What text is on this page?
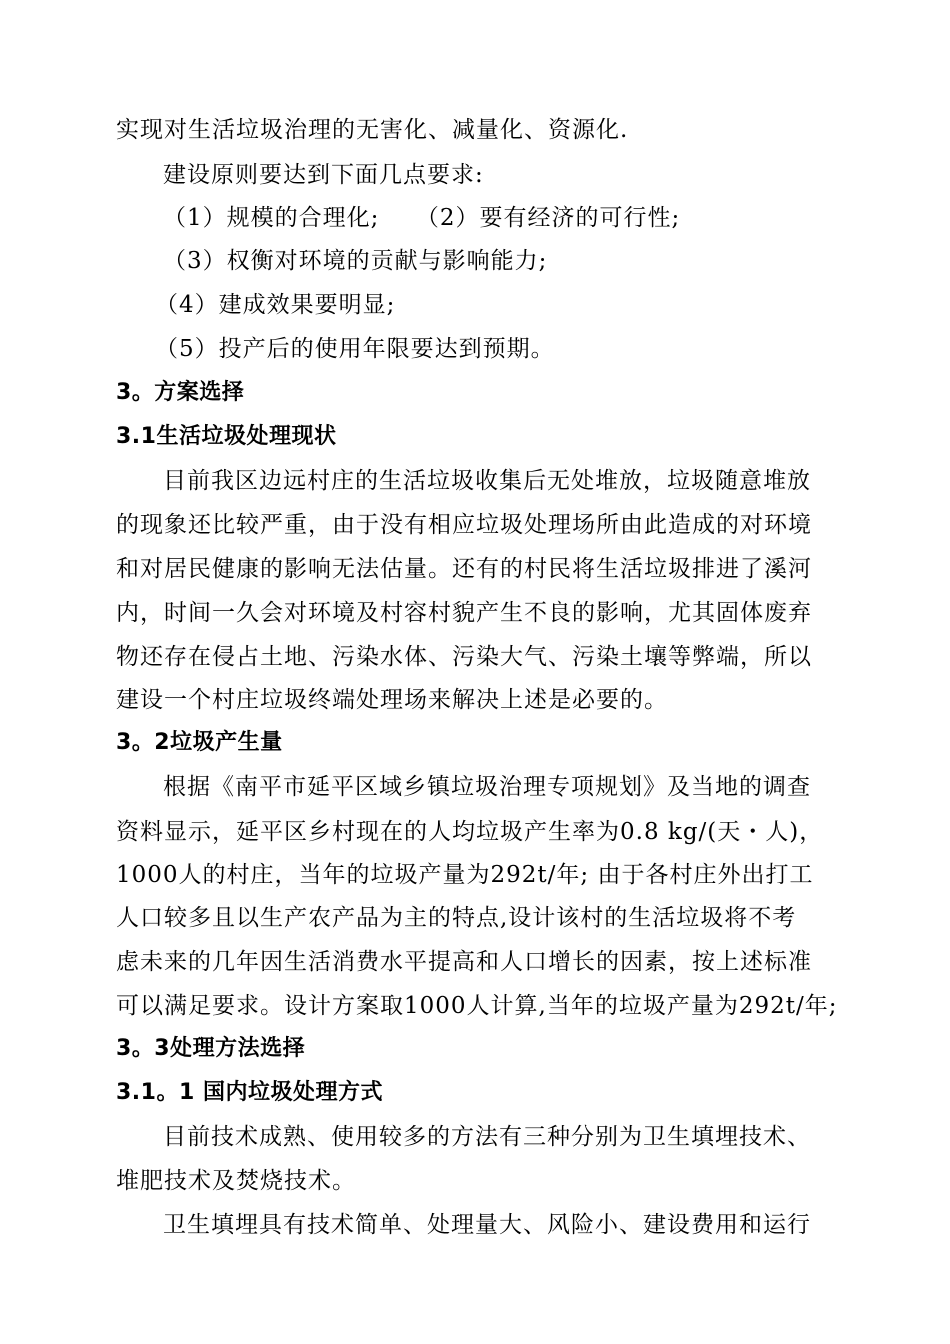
实现对生活垃圾治理的无害化、减量化、资源化.
建设原则要达到下面几点要求:
（1）规模的合理化;　　（2）要有经济的可行性;
（3）权衡对环境的贡献与影响能力;
（4）建成效果要明显;
（5）投产后的使用年限要达到预期。
3。方案选择
3.1生活垃圾处理现状
目前我区边远村庄的生活垃圾收集后无处堆放，垃圾随意堆放
的现象还比较严重，由于没有相应垃圾处理场所由此造成的对环境
和对居民健康的影响无法估量。还有的村民将生活垃圾排进了溪河
内，时间一久会对环境及村容村貌产生不良的影响，尤其固体废弃
物还存在侵占土地、污染水体、污染大气、污染土壤等弊端，所以
建设一个村庄垃圾终端处理场来解决上述是必要的。
3。2垃圾产生量
根据《南平市延平区域乡镇垃圾治理专项规划》及当地的调查
资料显示，延平区乡村现在的人均垃圾产生率为0.8 kg/(天・人)，
1000人的村庄，当年的垃圾产量为292t/年; 由于各村庄外出打工
人口较多且以生产农产品为主的特点,设计该村的生活垃圾将不考
虑未来的几年因生活消费水平提高和人口增长的因素，按上述标准
可以满足要求。设计方案取1000人计算,当年的垃圾产量为292t/年;
3。3处理方法选择
3.1。1 国内垃圾处理方式
目前技术成熟、使用较多的方法有三种分别为卫生填埋技术、
堆肥技术及焚烧技术。
卫生填埋具有技术简单、处理量大、风险小、建设费用和运行
